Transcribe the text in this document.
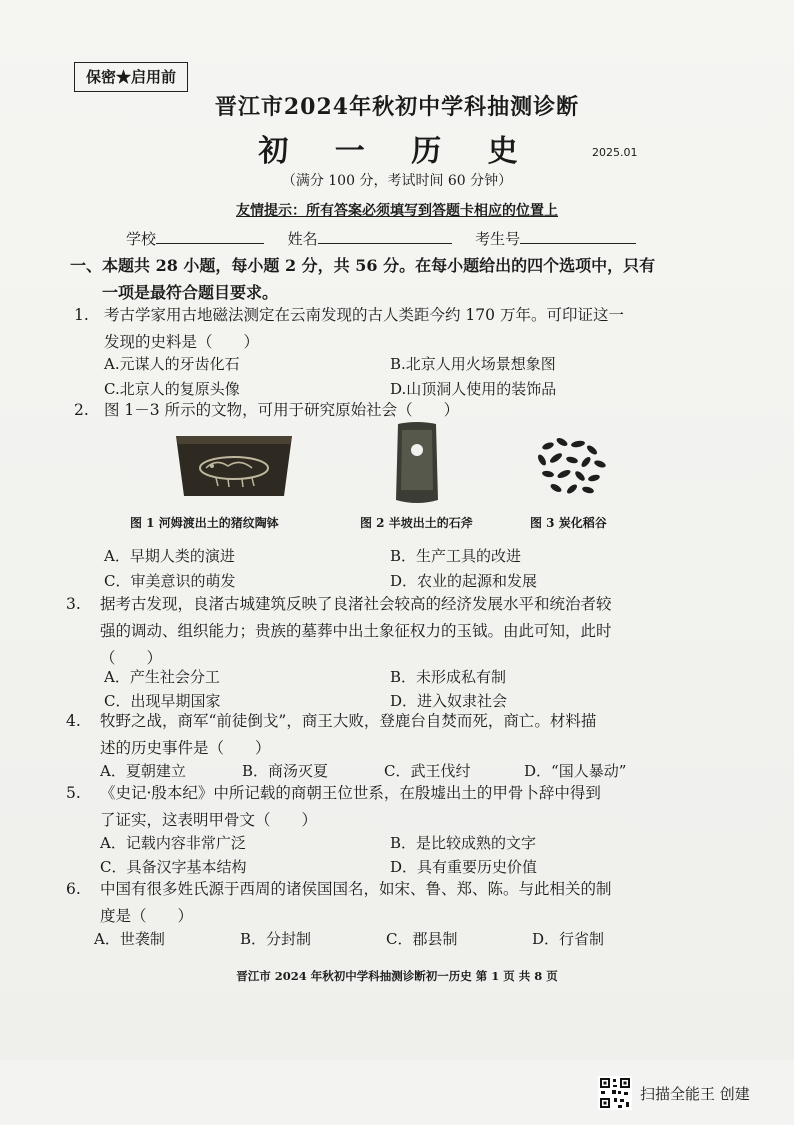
保密★启用前
晋江市2024年秋初中学科抽测诊断
初 一 历 史	2025.01
（满分 100 分，考试时间 60 分钟）
友情提示：所有答案必须填写到答题卡相应的位置上
学校	姓名	考生号
一、本题共 28 小题，每小题 2 分，共 56 分。在每小题给出的四个选项中，只有
一项是最符合题目要求。
1. 考古学家用古地磁法测定在云南发现的古人类距今约 170 万年。可印证这一
发现的史料是（　　）
A.元谋人的牙齿化石	B.北京人用火场景想象图
C.北京人的复原头像	D.山顶洞人使用的装饰品
2. 图 1－3 所示的文物，可用于研究原始社会（　　）
图 1 河姆渡出土的猪纹陶钵	图 2 半坡出土的石斧	图 3 炭化稻谷
A．早期人类的演进	B．生产工具的改进
C．审美意识的萌发	D．农业的起源和发展
3. 据考古发现，良渚古城建筑反映了良渚社会较高的经济发展水平和统治者较
强的调动、组织能力；贵族的墓葬中出土象征权力的玉钺。由此可知，此时
（　　）
A．产生社会分工	B．未形成私有制
C．出现早期国家	D．进入奴隶社会
4. 牧野之战，商军“前徒倒戈”，商王大败，登鹿台自焚而死，商亡。材料描
述的历史事件是（　　）
A．夏朝建立	B．商汤灭夏	C．武王伐纣	D．“国人暴动”
5. 《史记·殷本纪》中所记载的商朝王位世系，在殷墟出土的甲骨卜辞中得到
了证实，这表明甲骨文（　　）
A．记载内容非常广泛	B．是比较成熟的文字
C．具备汉字基本结构	D．具有重要历史价值
6. 中国有很多姓氏源于西周的诸侯国国名，如宋、鲁、郑、陈。与此相关的制
度是（　　）
A．世袭制	B．分封制	C．郡县制	D．行省制
晋江市 2024 年秋初中学科抽测诊断初一历史 第 1 页 共 8 页
扫描全能王 创建
